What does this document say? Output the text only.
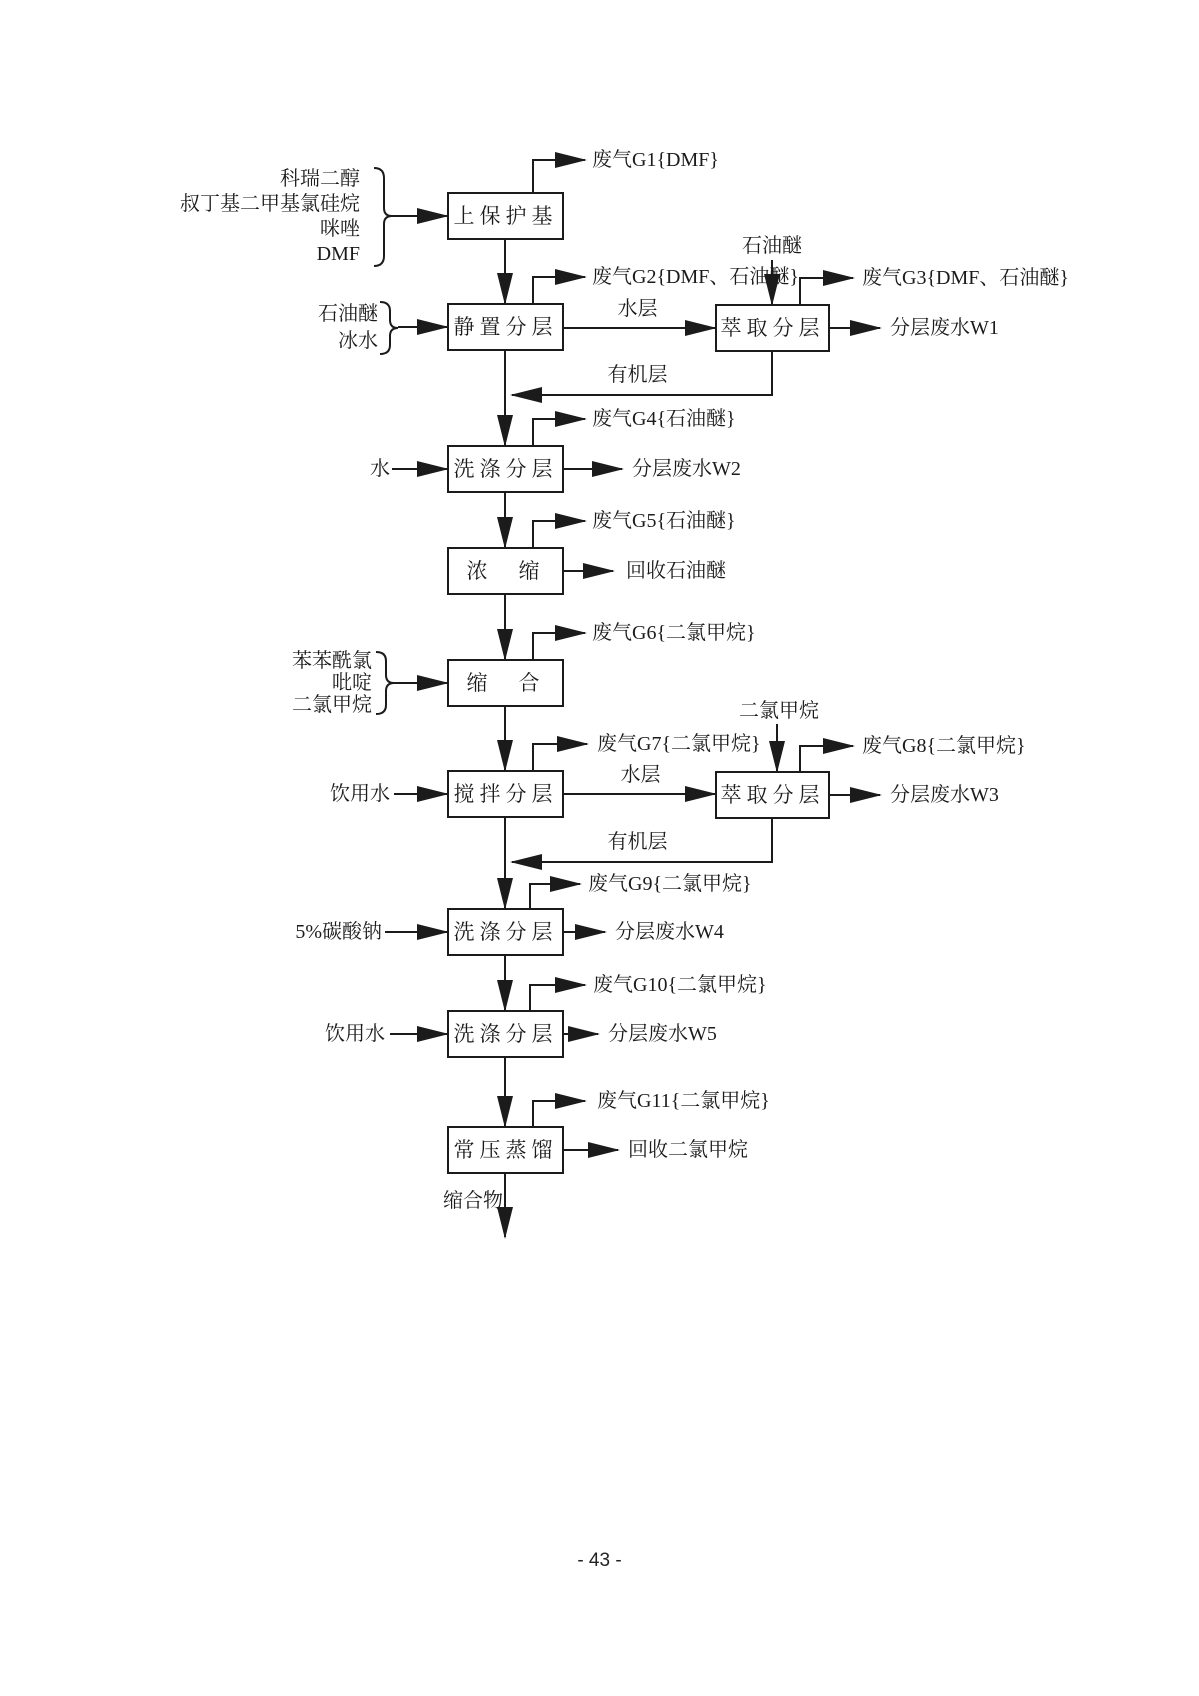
上保护基
静置分层	萃取分层
洗涤分层
浓　缩
缩　合
搅拌分层	萃取分层
洗涤分层
洗涤分层
常压蒸馏
科瑞二醇
叔丁基二甲基氯硅烷
咪唑
DMF
石油醚
冰水
苯苯酰氯
吡啶
二氯甲烷
水
饮用水
5%碳酸钠
饮用水
石油醚
二氯甲烷
水层
有机层
水层
有机层
废气G1{DMF}
废气G2{DMF、石油醚}	废气G3{DMF、石油醚}
废气G4{石油醚}
废气G5{石油醚}
废气G6{二氯甲烷}
废气G7{二氯甲烷}	废气G8{二氯甲烷}
废气G9{二氯甲烷}
废气G10{二氯甲烷}
废气G11{二氯甲烷}
分层废水W1
分层废水W2
回收石油醚
分层废水W3
分层废水W4
分层废水W5
回收二氯甲烷
缩合物
- 43 -
